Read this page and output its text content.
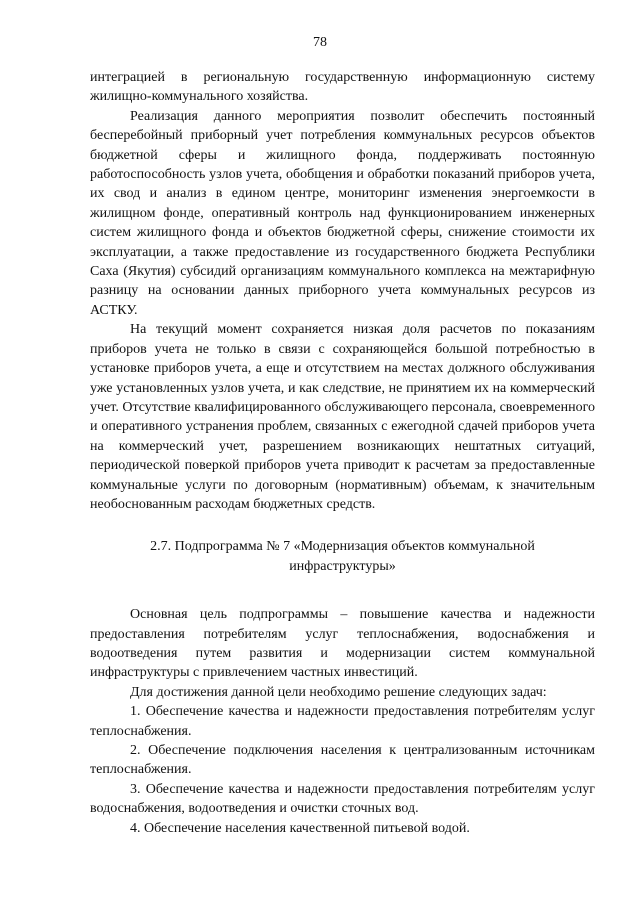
78

интеграцией в региональную государственную информационную систему жилищно-коммунального хозяйства.

Реализация данного мероприятия позволит обеспечить постоянный бесперебойный приборный учет потребления коммунальных ресурсов объектов бюджетной сферы и жилищного фонда, поддерживать постоянную работоспособность узлов учета, обобщения и обработки показаний приборов учета, их свод и анализ в едином центре, мониторинг изменения энергоемкости в жилищном фонде, оперативный контроль над функционированием инженерных систем жилищного фонда и объектов бюджетной сферы, снижение стоимости их эксплуатации, а также предоставление из государственного бюджета Республики Саха (Якутия) субсидий организациям коммунального комплекса на межтарифную разницу на основании данных приборного учета коммунальных ресурсов из АСТКУ.

На текущий момент сохраняется низкая доля расчетов по показаниям приборов учета не только в связи с сохраняющейся большой потребностью в установке приборов учета, а еще и отсутствием на местах должного обслуживания уже установленных узлов учета, и как следствие, не принятием их на коммерческий учет. Отсутствие квалифицированного обслуживающего персонала, своевременного и оперативного устранения проблем, связанных с ежегодной сдачей приборов учета на коммерческий учет, разрешением возникающих нештатных ситуаций, периодической поверкой приборов учета приводит к расчетам за предоставленные коммунальные услуги по договорным (нормативным) объемам, к значительным необоснованным расходам бюджетных средств.

2.7. Подпрограмма № 7 «Модернизация объектов коммунальной инфраструктуры»

Основная цель подпрограммы – повышение качества и надежности предоставления потребителям услуг теплоснабжения, водоснабжения и водоотведения путем развития и модернизации систем коммунальной инфраструктуры с привлечением частных инвестиций.

Для достижения данной цели необходимо решение следующих задач:

1. Обеспечение качества и надежности предоставления потребителям услуг теплоснабжения.

2. Обеспечение подключения населения к централизованным источникам теплоснабжения.

3. Обеспечение качества и надежности предоставления потребителям услуг водоснабжения, водоотведения и очистки сточных вод.

4. Обеспечение населения качественной питьевой водой.
